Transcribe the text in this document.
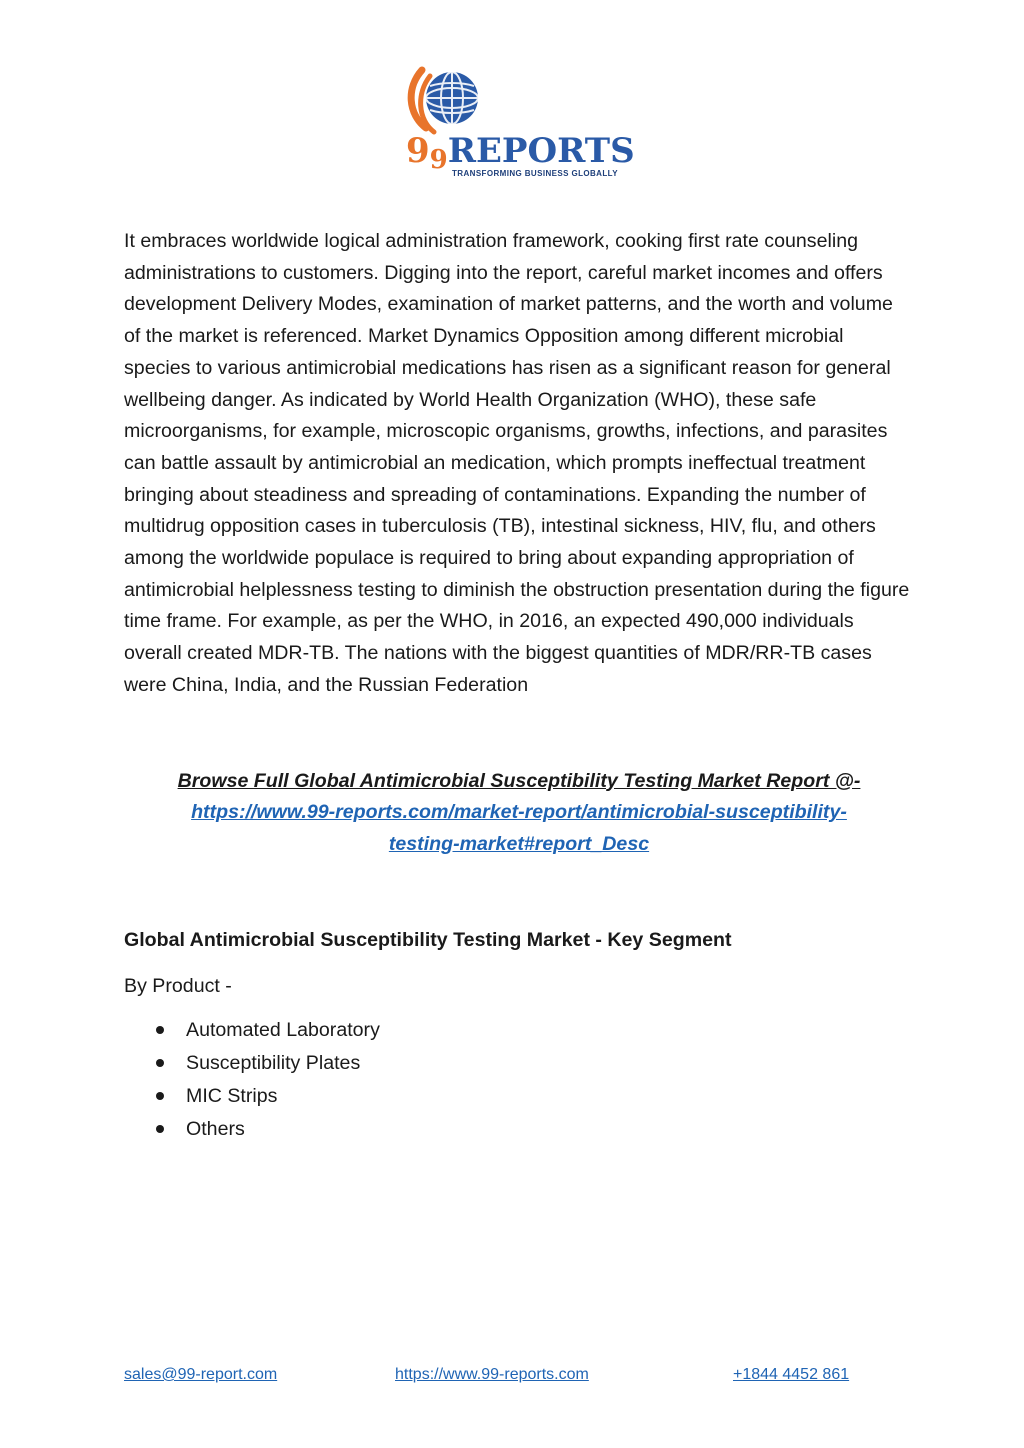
99REPORTS
TRANSFORMING BUSINESS GLOBALLY

It embraces worldwide logical administration framework, cooking first rate counseling administrations to customers. Digging into the report, careful market incomes and offers development Delivery Modes, examination of market patterns, and the worth and volume of the market is referenced. Market Dynamics Opposition among different microbial species to various antimicrobial medications has risen as a significant reason for general wellbeing danger. As indicated by World Health Organization (WHO), these safe microorganisms, for example, microscopic organisms, growths, infections, and parasites can battle assault by antimicrobial an medication, which prompts ineffectual treatment bringing about steadiness and spreading of contaminations. Expanding the number of multidrug opposition cases in tuberculosis (TB), intestinal sickness, HIV, flu, and others among the worldwide populace is required to bring about expanding appropriation of antimicrobial helplessness testing to diminish the obstruction presentation during the figure time frame. For example, as per the WHO, in 2016, an expected 490,000 individuals overall created MDR-TB. The nations with the biggest quantities of MDR/RR-TB cases were China, India, and the Russian Federation

Browse Full Global Antimicrobial Susceptibility Testing Market Report @-
https://www.99-reports.com/market-report/antimicrobial-susceptibility-
testing-market#report_Desc

Global Antimicrobial Susceptibility Testing Market - Key Segment

By Product -

Automated Laboratory
Susceptibility Plates
MIC Strips
Others
sales@99-report.com	https://www.99-reports.com	+1844 4452 861
